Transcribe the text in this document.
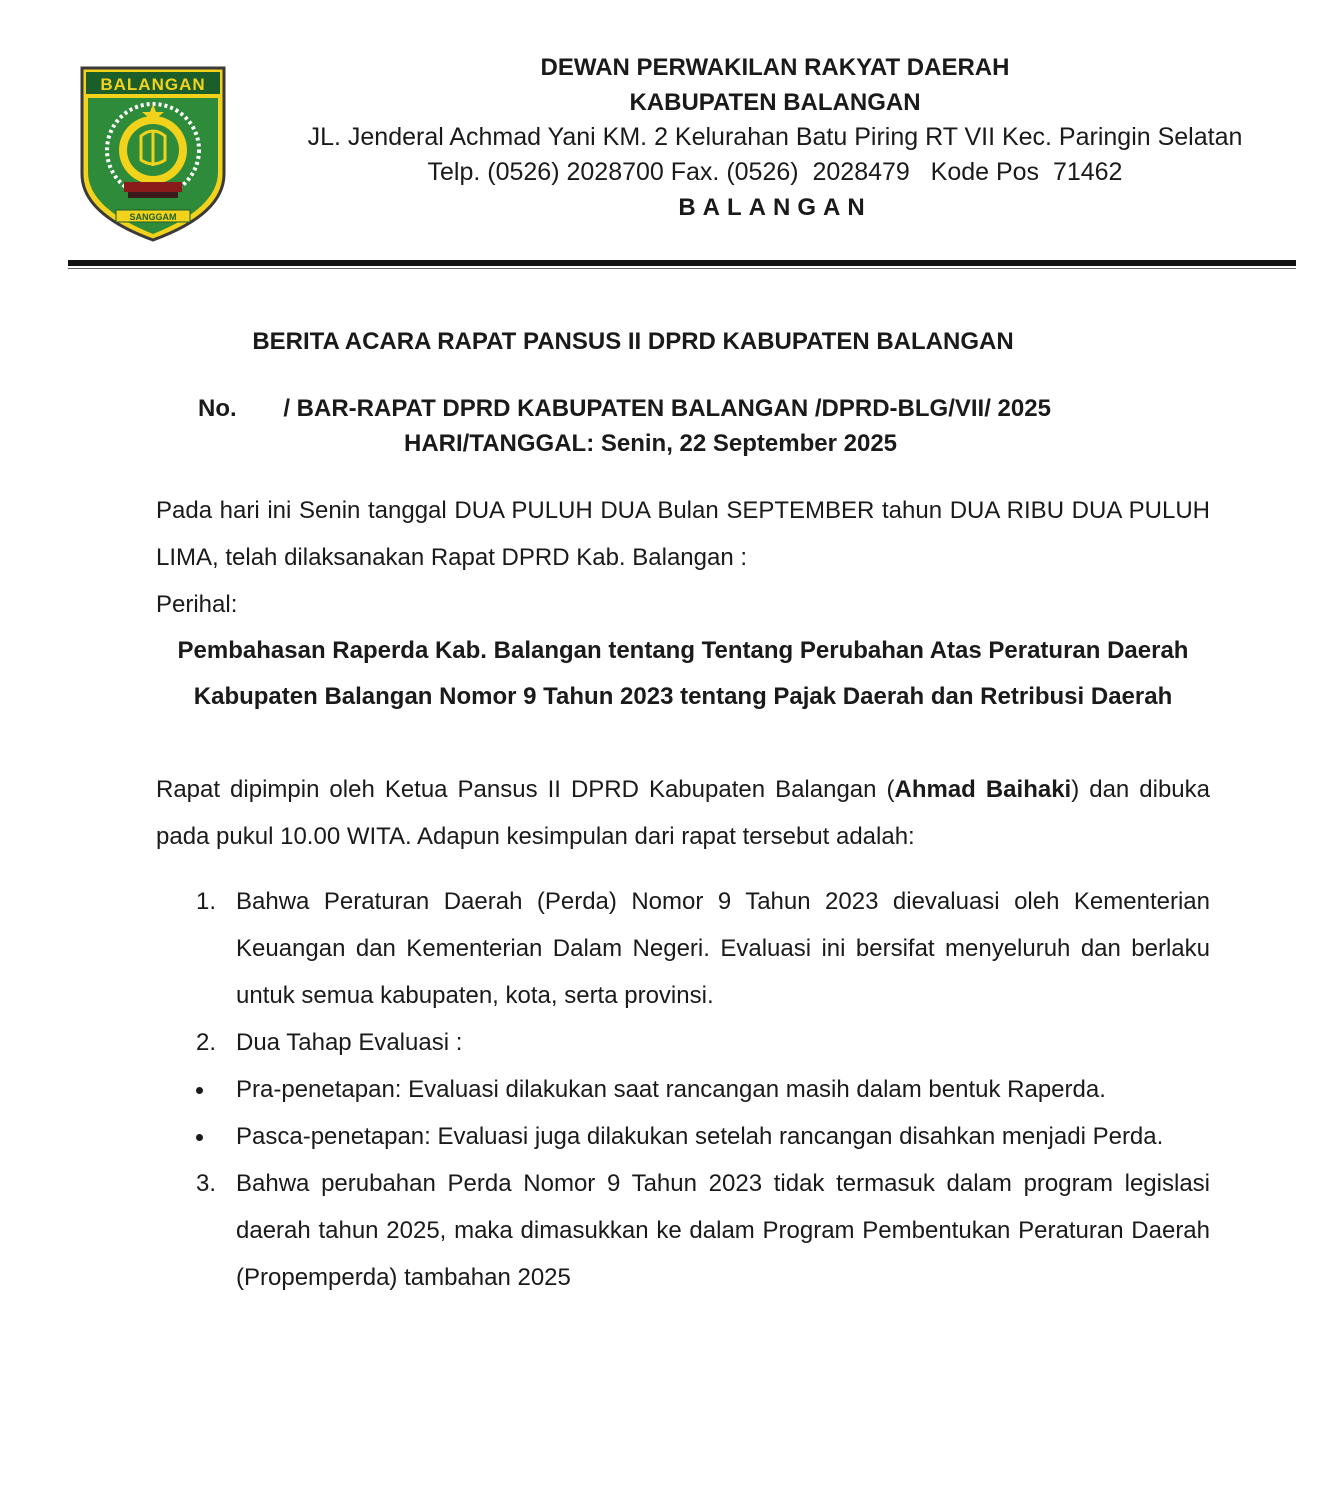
BALANGAN
SANGGAM
DEWAN PERWAKILAN RAKYAT DAERAH
KABUPATEN BALANGAN
JL. Jenderal Achmad Yani KM. 2 Kelurahan Batu Piring RT VII Kec. Paringin Selatan
Telp. (0526) 2028700 Fax. (0526)  2028479   Kode Pos  71462
BALANGAN
BERITA ACARA RAPAT PANSUS II DPRD KABUPATEN BALANGAN
No.       / BAR-RAPAT DPRD KABUPATEN BALANGAN /DPRD-BLG/VII/ 2025
HARI/TANGGAL: Senin, 22 September 2025
Pada hari ini Senin tanggal DUA PULUH DUA Bulan SEPTEMBER tahun DUA RIBU DUA PULUH LIMA, telah dilaksanakan Rapat DPRD Kab. Balangan :
Perihal:
Pembahasan Raperda Kab. Balangan tentang Tentang Perubahan Atas Peraturan Daerah Kabupaten Balangan Nomor 9 Tahun 2023 tentang Pajak Daerah dan Retribusi Daerah
Rapat dipimpin oleh Ketua Pansus II DPRD Kabupaten Balangan (Ahmad Baihaki) dan dibuka pada pukul 10.00 WITA. Adapun kesimpulan dari rapat tersebut adalah:
1. Bahwa Peraturan Daerah (Perda) Nomor 9 Tahun 2023 dievaluasi oleh Kementerian Keuangan dan Kementerian Dalam Negeri. Evaluasi ini bersifat menyeluruh dan berlaku untuk semua kabupaten, kota, serta provinsi.
2. Dua Tahap Evaluasi :
Pra-penetapan: Evaluasi dilakukan saat rancangan masih dalam bentuk Raperda.
Pasca-penetapan: Evaluasi juga dilakukan setelah rancangan disahkan menjadi Perda.
3. Bahwa perubahan Perda Nomor 9 Tahun 2023 tidak termasuk dalam program legislasi daerah tahun 2025, maka dimasukkan ke dalam Program Pembentukan Peraturan Daerah (Propemperda) tambahan 2025
